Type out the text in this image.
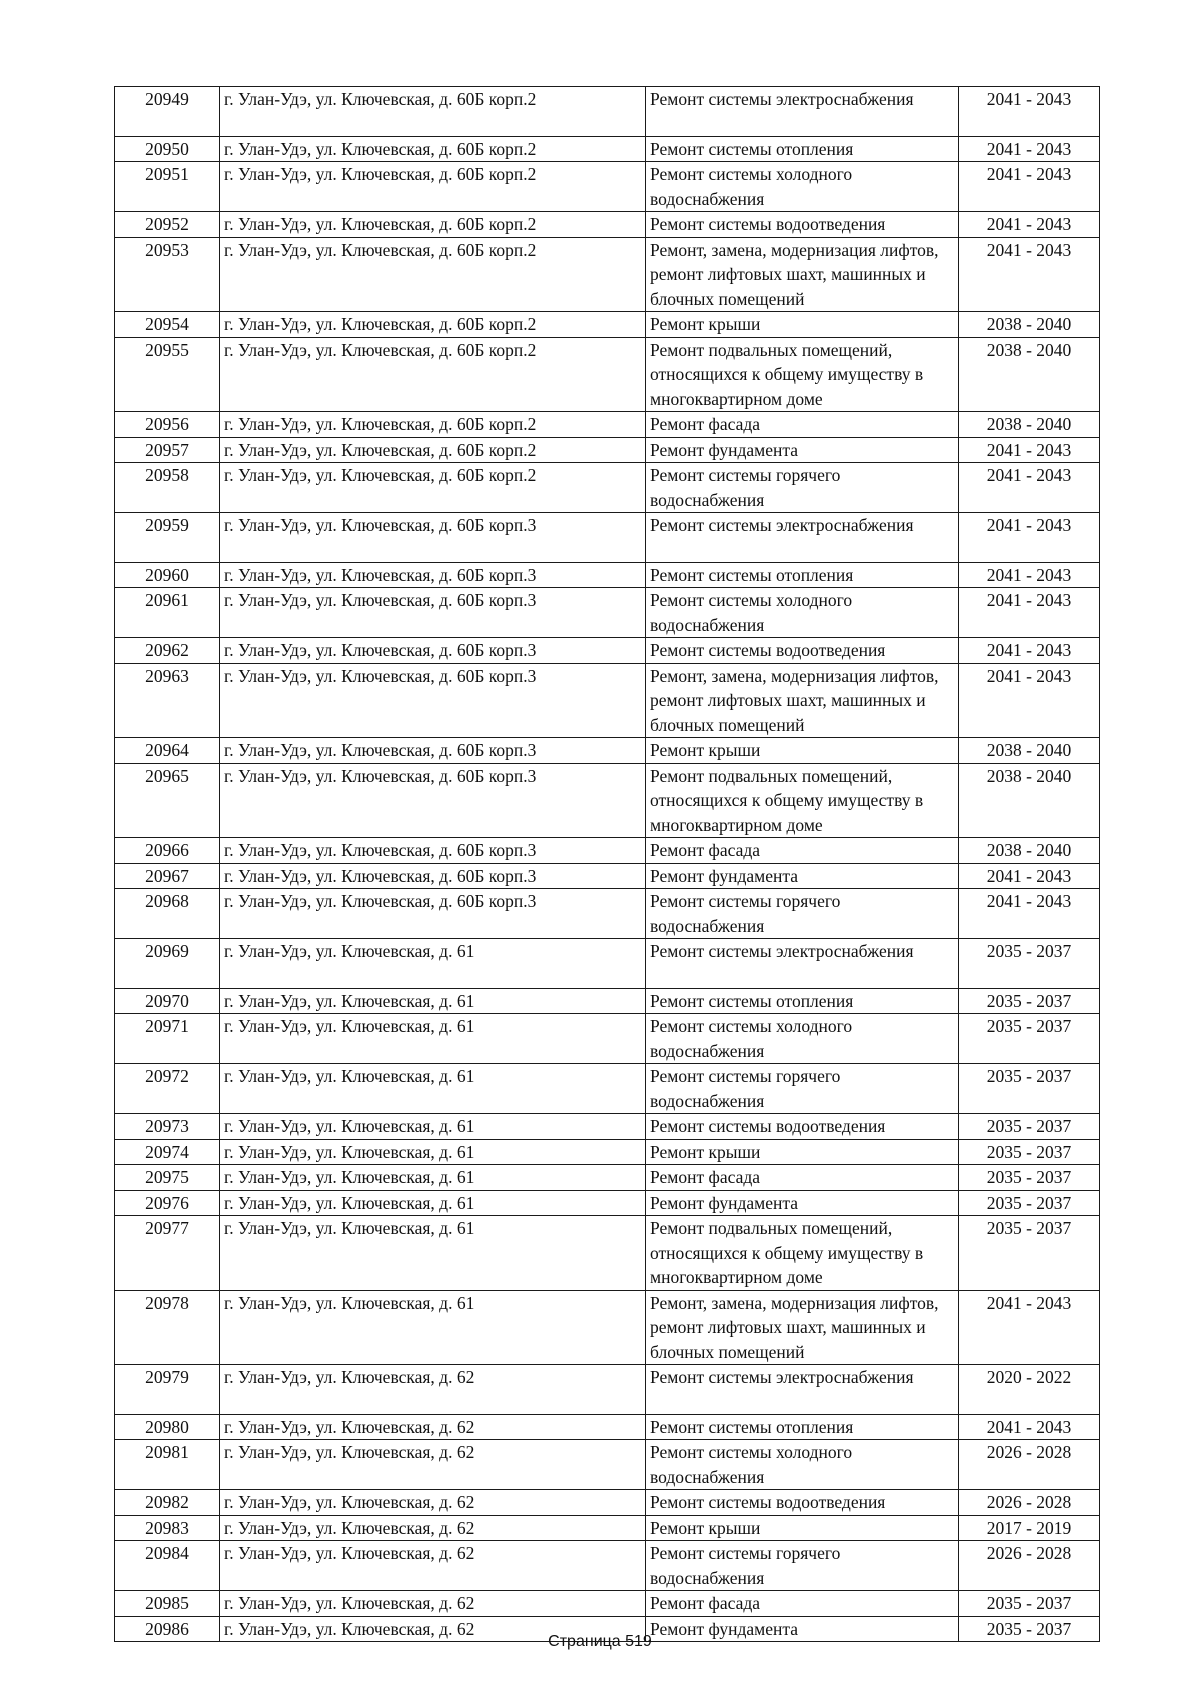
20949	г. Улан-Удэ, ул. Ключевская, д. 60Б корп.2	Ремонт системы электроснабжения	2041 - 2043
20950	г. Улан-Удэ, ул. Ключевская, д. 60Б корп.2	Ремонт системы отопления	2041 - 2043
20951	г. Улан-Удэ, ул. Ключевская, д. 60Б корп.2	Ремонт системы холодного водоснабжения	2041 - 2043
20952	г. Улан-Удэ, ул. Ключевская, д. 60Б корп.2	Ремонт системы водоотведения	2041 - 2043
20953	г. Улан-Удэ, ул. Ключевская, д. 60Б корп.2	Ремонт, замена, модернизация лифтов, ремонт лифтовых шахт, машинных и блочных помещений	2041 - 2043
20954	г. Улан-Удэ, ул. Ключевская, д. 60Б корп.2	Ремонт крыши	2038 - 2040
20955	г. Улан-Удэ, ул. Ключевская, д. 60Б корп.2	Ремонт подвальных помещений, относящихся к общему имуществу в многоквартирном доме	2038 - 2040
20956	г. Улан-Удэ, ул. Ключевская, д. 60Б корп.2	Ремонт фасада	2038 - 2040
20957	г. Улан-Удэ, ул. Ключевская, д. 60Б корп.2	Ремонт фундамента	2041 - 2043
20958	г. Улан-Удэ, ул. Ключевская, д. 60Б корп.2	Ремонт системы горячего водоснабжения	2041 - 2043
20959	г. Улан-Удэ, ул. Ключевская, д. 60Б корп.3	Ремонт системы электроснабжения	2041 - 2043
20960	г. Улан-Удэ, ул. Ключевская, д. 60Б корп.3	Ремонт системы отопления	2041 - 2043
20961	г. Улан-Удэ, ул. Ключевская, д. 60Б корп.3	Ремонт системы холодного водоснабжения	2041 - 2043
20962	г. Улан-Удэ, ул. Ключевская, д. 60Б корп.3	Ремонт системы водоотведения	2041 - 2043
20963	г. Улан-Удэ, ул. Ключевская, д. 60Б корп.3	Ремонт, замена, модернизация лифтов, ремонт лифтовых шахт, машинных и блочных помещений	2041 - 2043
20964	г. Улан-Удэ, ул. Ключевская, д. 60Б корп.3	Ремонт крыши	2038 - 2040
20965	г. Улан-Удэ, ул. Ключевская, д. 60Б корп.3	Ремонт подвальных помещений, относящихся к общему имуществу в многоквартирном доме	2038 - 2040
20966	г. Улан-Удэ, ул. Ключевская, д. 60Б корп.3	Ремонт фасада	2038 - 2040
20967	г. Улан-Удэ, ул. Ключевская, д. 60Б корп.3	Ремонт фундамента	2041 - 2043
20968	г. Улан-Удэ, ул. Ключевская, д. 60Б корп.3	Ремонт системы горячего водоснабжения	2041 - 2043
20969	г. Улан-Удэ, ул. Ключевская, д. 61	Ремонт системы электроснабжения	2035 - 2037
20970	г. Улан-Удэ, ул. Ключевская, д. 61	Ремонт системы отопления	2035 - 2037
20971	г. Улан-Удэ, ул. Ключевская, д. 61	Ремонт системы холодного водоснабжения	2035 - 2037
20972	г. Улан-Удэ, ул. Ключевская, д. 61	Ремонт системы горячего водоснабжения	2035 - 2037
20973	г. Улан-Удэ, ул. Ключевская, д. 61	Ремонт системы водоотведения	2035 - 2037
20974	г. Улан-Удэ, ул. Ключевская, д. 61	Ремонт крыши	2035 - 2037
20975	г. Улан-Удэ, ул. Ключевская, д. 61	Ремонт фасада	2035 - 2037
20976	г. Улан-Удэ, ул. Ключевская, д. 61	Ремонт фундамента	2035 - 2037
20977	г. Улан-Удэ, ул. Ключевская, д. 61	Ремонт подвальных помещений, относящихся к общему имуществу в многоквартирном доме	2035 - 2037
20978	г. Улан-Удэ, ул. Ключевская, д. 61	Ремонт, замена, модернизация лифтов, ремонт лифтовых шахт, машинных и блочных помещений	2041 - 2043
20979	г. Улан-Удэ, ул. Ключевская, д. 62	Ремонт системы электроснабжения	2020 - 2022
20980	г. Улан-Удэ, ул. Ключевская, д. 62	Ремонт системы отопления	2041 - 2043
20981	г. Улан-Удэ, ул. Ключевская, д. 62	Ремонт системы холодного водоснабжения	2026 - 2028
20982	г. Улан-Удэ, ул. Ключевская, д. 62	Ремонт системы водоотведения	2026 - 2028
20983	г. Улан-Удэ, ул. Ключевская, д. 62	Ремонт крыши	2017 - 2019
20984	г. Улан-Удэ, ул. Ключевская, д. 62	Ремонт системы горячего водоснабжения	2026 - 2028
20985	г. Улан-Удэ, ул. Ключевская, д. 62	Ремонт фасада	2035 - 2037
20986	г. Улан-Удэ, ул. Ключевская, д. 62	Ремонт фундамента	2035 - 2037
Страница 519
